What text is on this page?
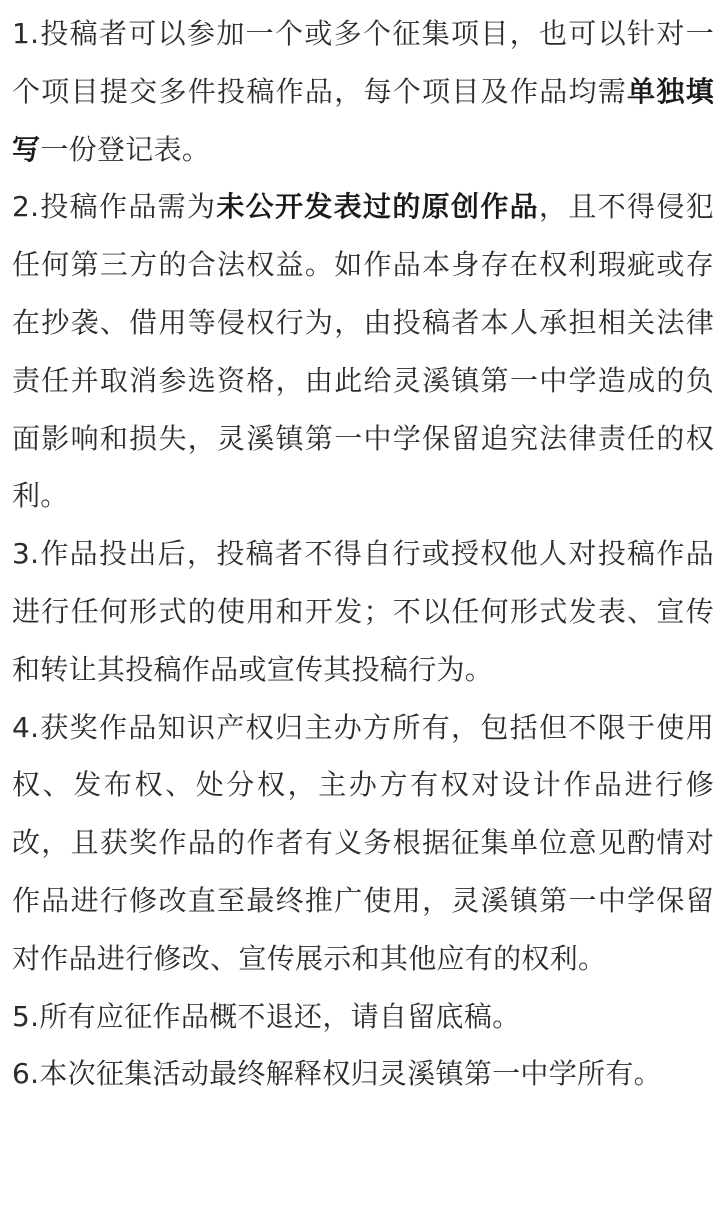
1.投稿者可以参加一个或多个征集项目，也可以针对一个项目提交多件投稿作品，每个项目及作品均需单独填写一份登记表。

2.投稿作品需为未公开发表过的原创作品，且不得侵犯任何第三方的合法权益。如作品本身存在权利瑕疵或存在抄袭、借用等侵权行为，由投稿者本人承担相关法律责任并取消参选资格，由此给灵溪镇第一中学造成的负面影响和损失，灵溪镇第一中学保留追究法律责任的权利。

3.作品投出后，投稿者不得自行或授权他人对投稿作品进行任何形式的使用和开发；不以任何形式发表、宣传和转让其投稿作品或宣传其投稿行为。

4.获奖作品知识产权归主办方所有，包括但不限于使用权、发布权、处分权，主办方有权对设计作品进行修改，且获奖作品的作者有义务根据征集单位意见酌情对作品进行修改直至最终推广使用，灵溪镇第一中学保留对作品进行修改、宣传展示和其他应有的权利。

5.所有应征作品概不退还，请自留底稿。

6.本次征集活动最终解释权归灵溪镇第一中学所有。
